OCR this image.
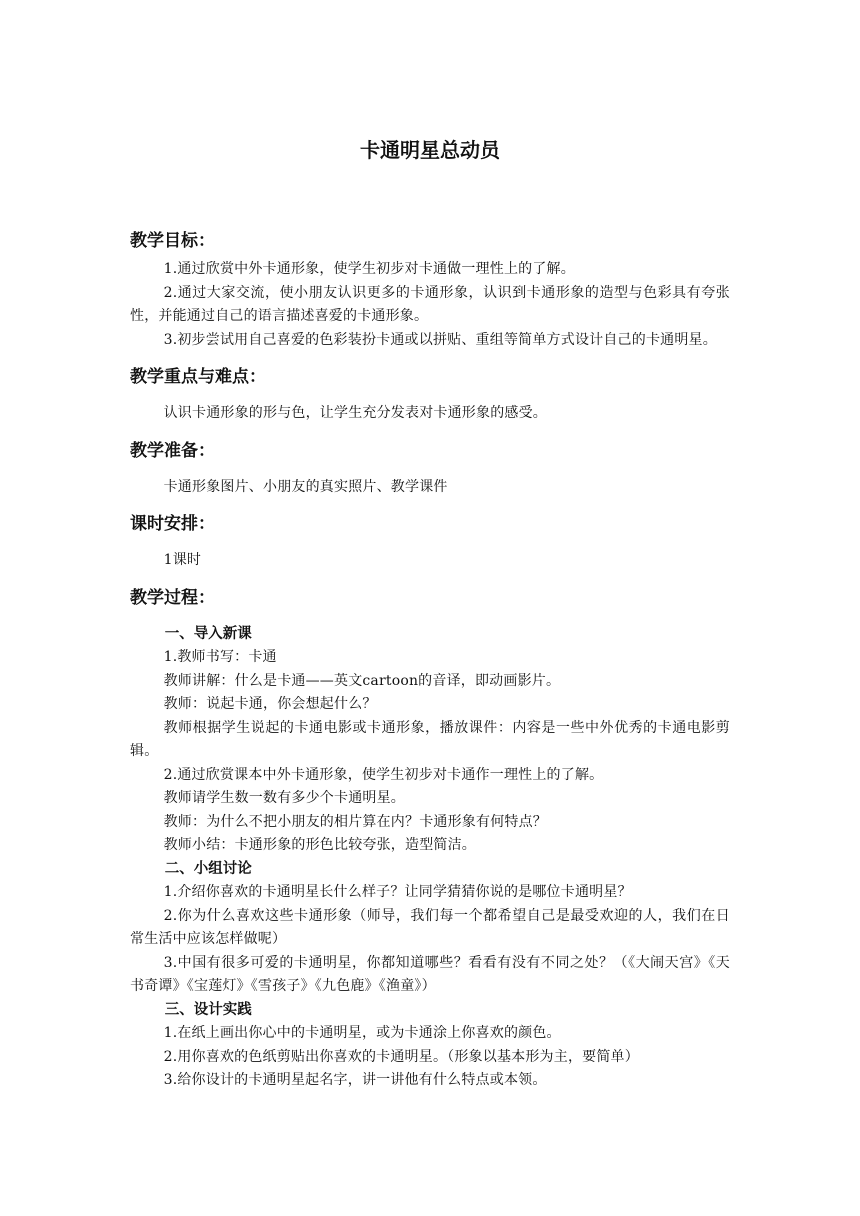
卡通明星总动员
教学目标：

1.通过欣赏中外卡通形象，使学生初步对卡通做一理性上的了解。

2.通过大家交流，使小朋友认识更多的卡通形象，认识到卡通形象的造型与色彩具有夸张性，并能通过自己的语言描述喜爱的卡通形象。

3.初步尝试用自己喜爱的色彩装扮卡通或以拼贴、重组等简单方式设计自己的卡通明星。

教学重点与难点：

认识卡通形象的形与色，让学生充分发表对卡通形象的感受。

教学准备：

卡通形象图片、小朋友的真实照片、教学课件

课时安排：

1课时

教学过程：
一、导入新课

1.教师书写：卡通

教师讲解：什么是卡通——英文cartoon的音译，即动画影片。

教师：说起卡通，你会想起什么？

教师根据学生说起的卡通电影或卡通形象，播放课件：内容是一些中外优秀的卡通电影剪辑。

2.通过欣赏课本中外卡通形象，使学生初步对卡通作一理性上的了解。

教师请学生数一数有多少个卡通明星。

教师：为什么不把小朋友的相片算在内？卡通形象有何特点？

教师小结：卡通形象的形色比较夸张，造型简洁。

二、小组讨论

1.介绍你喜欢的卡通明星长什么样子？让同学猜猜你说的是哪位卡通明星？

2.你为什么喜欢这些卡通形象（师导，我们每一个都希望自己是最受欢迎的人，我们在日常生活中应该怎样做呢）

3.中国有很多可爱的卡通明星，你都知道哪些？看看有没有不同之处？（《大闹天宫》《天书奇谭》《宝莲灯》《雪孩子》《九色鹿》《渔童》）

三、设计实践

1.在纸上画出你心中的卡通明星，或为卡通涂上你喜欢的颜色。

2.用你喜欢的色纸剪贴出你喜欢的卡通明星。（形象以基本形为主，要简单）

3.给你设计的卡通明星起名字，讲一讲他有什么特点或本领。
